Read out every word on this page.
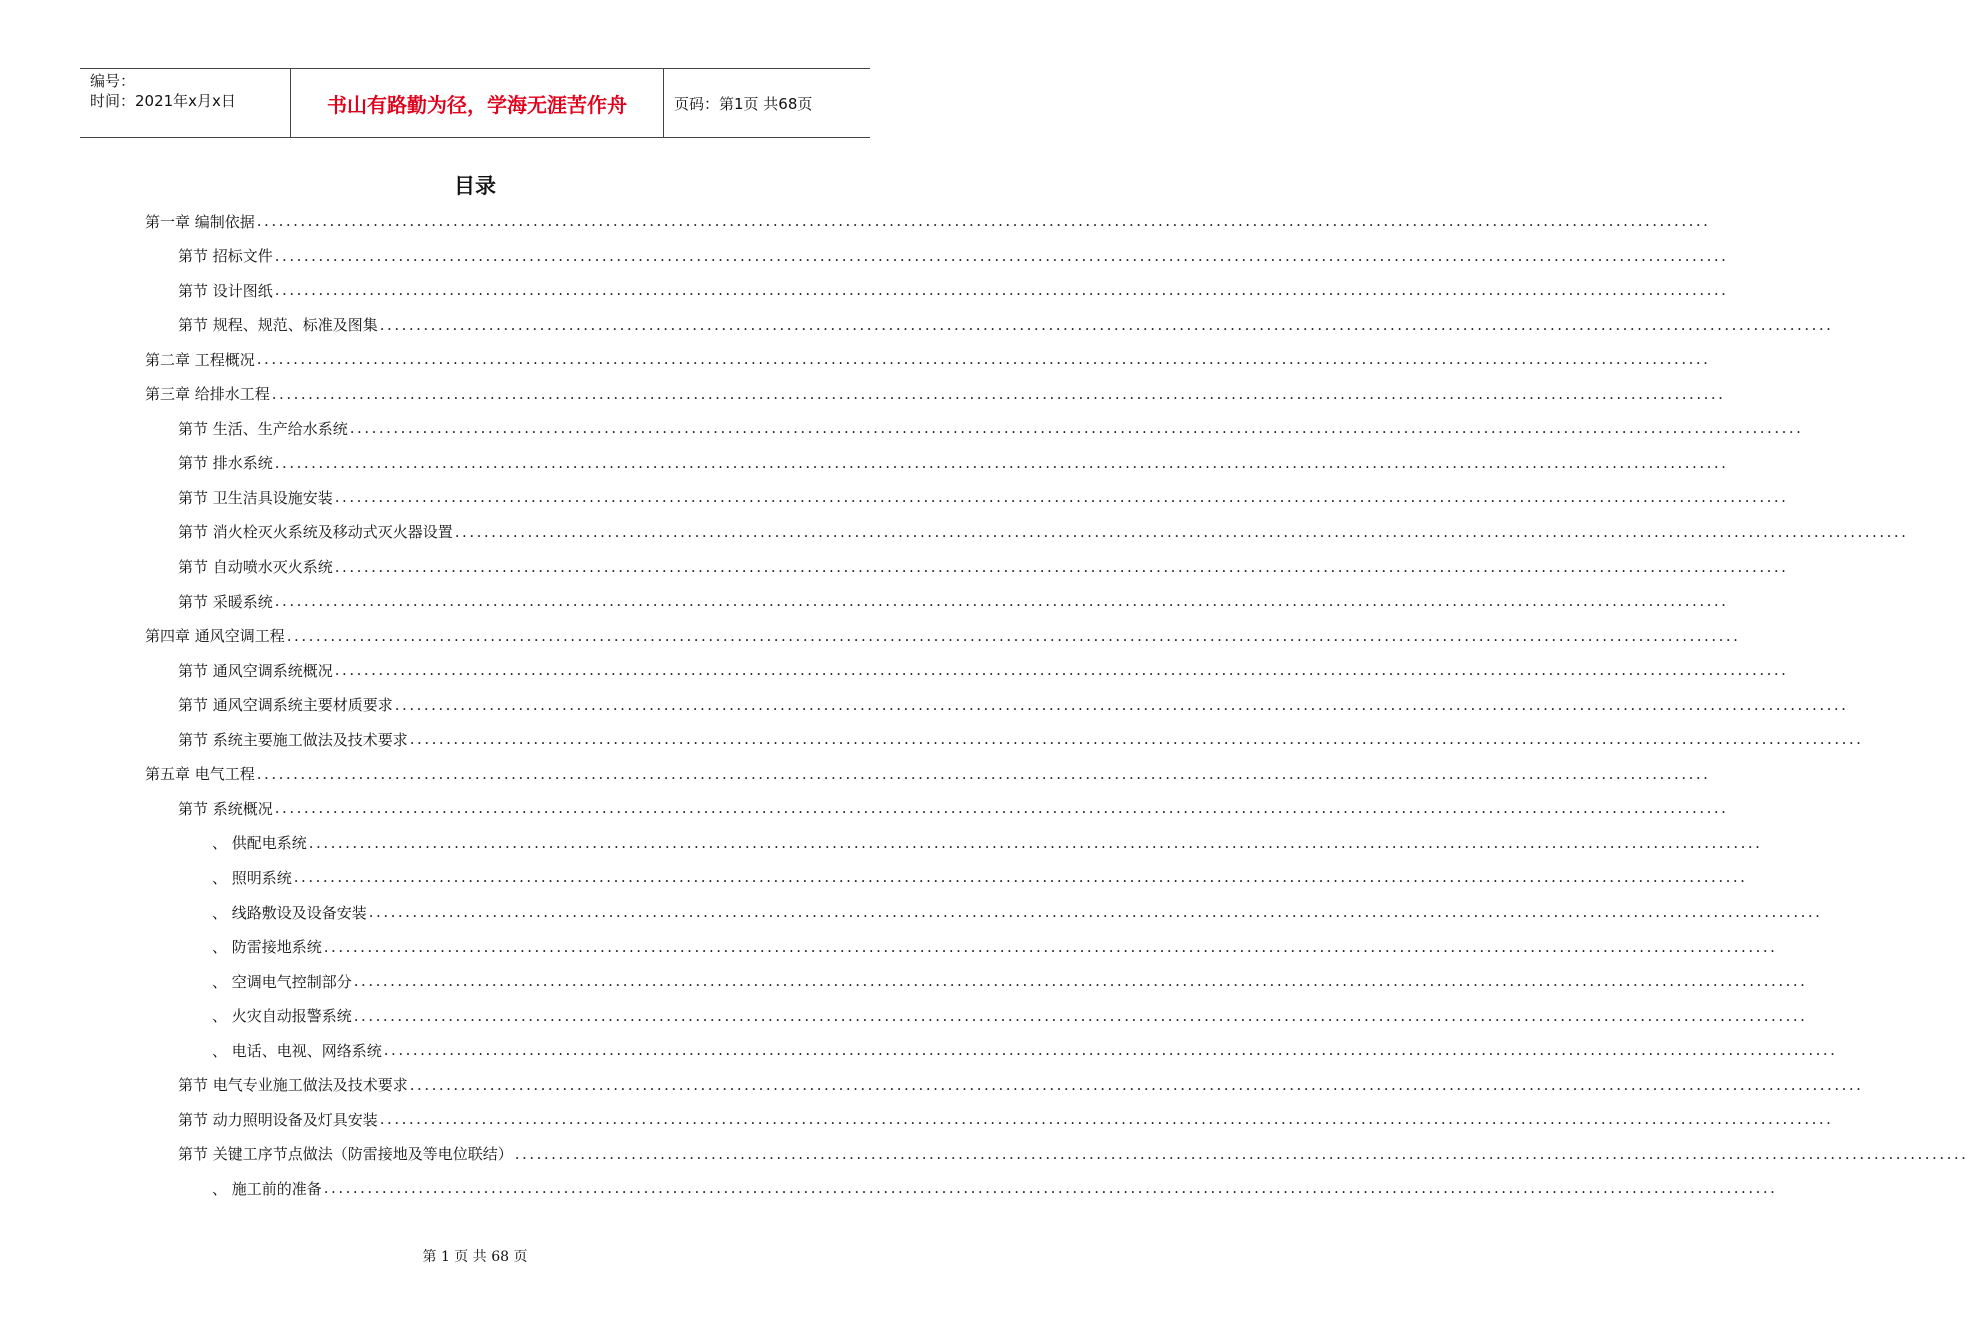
编号：
时间：2021年x月x日	书山有路勤为径，学海无涯苦作舟	页码：第1页 共68页
目录
第一章 编制依据 ........................................................................................................................................................................................................
第节 招标文件 ........................................................................................................................................................................................................
第节 设计图纸 ........................................................................................................................................................................................................
第节 规程、规范、标准及图集 ........................................................................................................................................................................................................
第二章 工程概况 ........................................................................................................................................................................................................
第三章 给排水工程 ........................................................................................................................................................................................................
第节 生活、生产给水系统 ........................................................................................................................................................................................................
第节 排水系统 ........................................................................................................................................................................................................
第节 卫生洁具设施安装 ........................................................................................................................................................................................................
第节 消火栓灭火系统及移动式灭火器设置 ........................................................................................................................................................................................................
第节 自动喷水灭火系统 ........................................................................................................................................................................................................
第节 采暖系统 ........................................................................................................................................................................................................
第四章 通风空调工程 ........................................................................................................................................................................................................
第节 通风空调系统概况 ........................................................................................................................................................................................................
第节 通风空调系统主要材质要求 ........................................................................................................................................................................................................
第节 系统主要施工做法及技术要求 ........................................................................................................................................................................................................
第五章 电气工程 ........................................................................................................................................................................................................
第节 系统概况 ........................................................................................................................................................................................................
、 供配电系统 ........................................................................................................................................................................................................
、 照明系统 ........................................................................................................................................................................................................
、 线路敷设及设备安装 ........................................................................................................................................................................................................
、 防雷接地系统 ........................................................................................................................................................................................................
、 空调电气控制部分 ........................................................................................................................................................................................................
、 火灾自动报警系统 ........................................................................................................................................................................................................
、 电话、电视、网络系统 ........................................................................................................................................................................................................
第节 电气专业施工做法及技术要求 ........................................................................................................................................................................................................
第节 动力照明设备及灯具安装 ........................................................................................................................................................................................................
第节 关键工序节点做法（防雷接地及等电位联结） ........................................................................................................................................................................................................
、 施工前的准备 ........................................................................................................................................................................................................
第 1 页 共 68 页
